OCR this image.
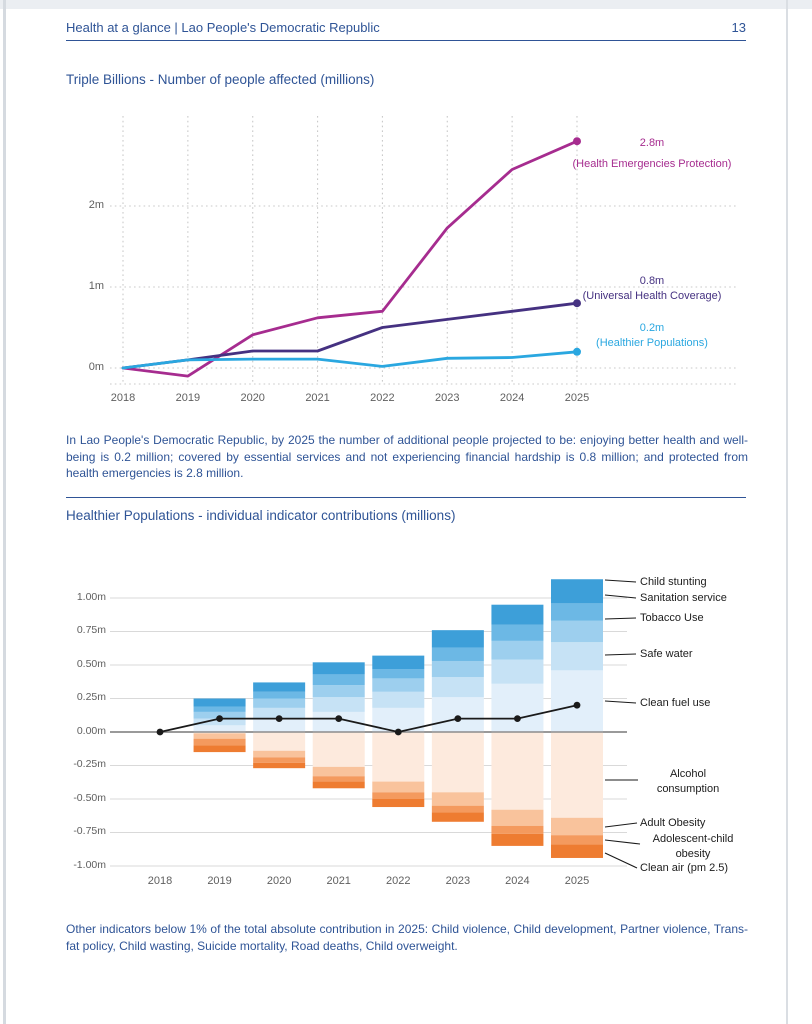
Health at a glance | Lao People's Democratic Republic	13
Triple Billions - Number of people affected (millions)
2m
1m
0m
2.8m
(Health Emergencies Protection)
0.8m
(Universal Health Coverage)
0.2m
(Healthier Populations)
2018	2019	2020	2021	2022	2023	2024	2025

In Lao People's Democratic Republic, by 2025 the number of additional people projected to be: enjoying better health and well-being is 0.2 million; covered by essential services and not experiencing financial hardship is 0.8 million; and protected from health emergencies is 2.8 million.

Healthier Populations - individual indicator contributions (millions)
1.00m
0.75m
0.50m
0.25m
0.00m
-0.25m
-0.50m
-0.75m
-1.00m
Child stunting
Sanitation service
Tobacco Use
Safe water
Clean fuel use
Alcohol consumption
Adult Obesity
Adolescent-child obesity
Clean air (pm 2.5)
2018	2019	2020	2021	2022	2023	2024	2025

Other indicators below 1% of the total absolute contribution in 2025: Child violence, Child development, Partner violence, Trans-fat policy, Child wasting, Suicide mortality, Road deaths, Child overweight.
